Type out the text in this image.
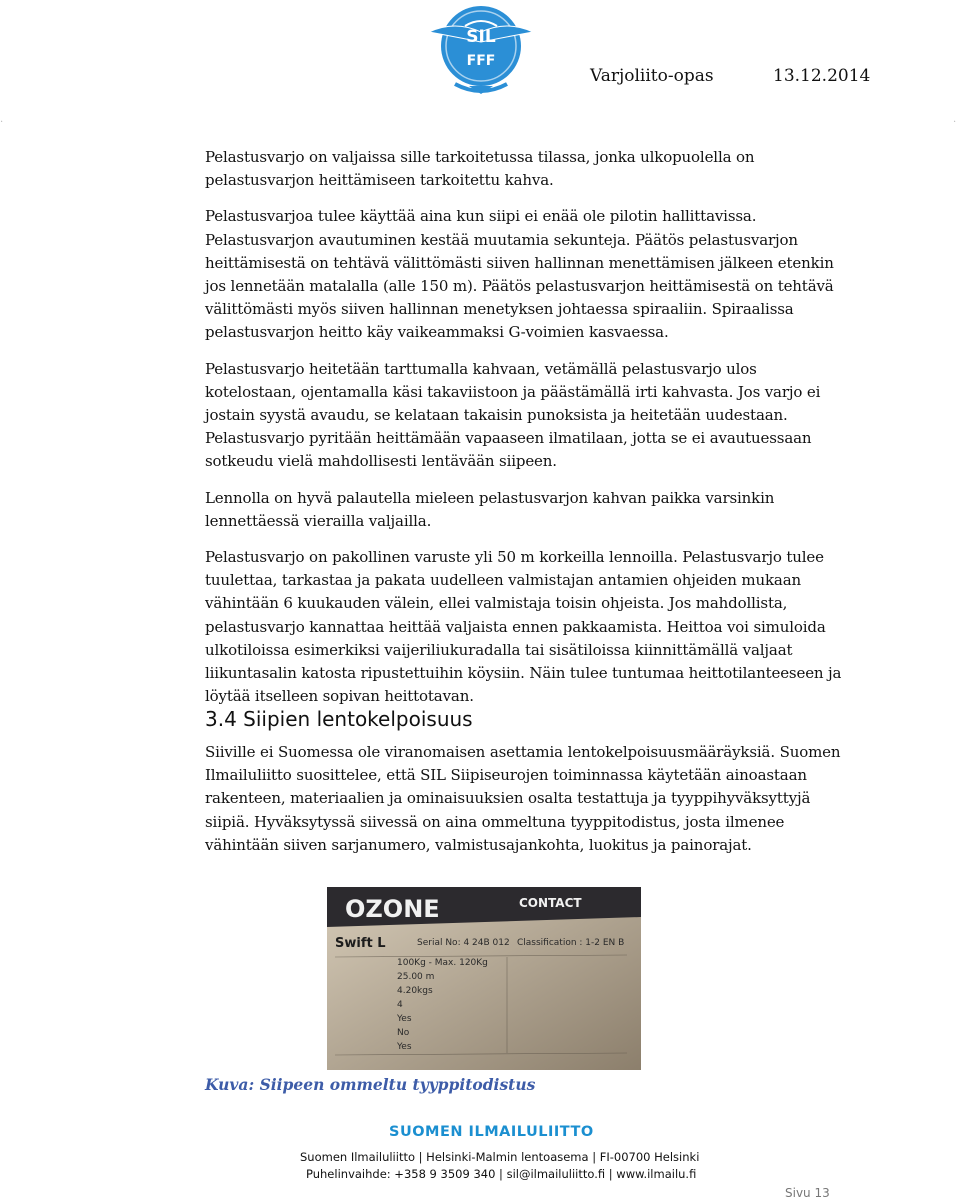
SIL
FFF
Varjoliito-opas	13.12.2014
.	.

Pelastusvarjo on valjaissa sille tarkoitetussa tilassa, jonka ulkopuolella on pelastusvarjon heittämiseen tarkoitettu kahva.

Pelastusvarjoa tulee käyttää aina kun siipi ei enää ole pilotin hallittavissa. Pelastusvarjon avautuminen kestää muutamia sekunteja. Päätös pelastusvarjon heittämisestä on tehtävä välittömästi siiven hallinnan menettämisen jälkeen etenkin jos lennetään matalalla (alle 150 m). Päätös pelastusvarjon heittämisestä on tehtävä välittömästi myös siiven hallinnan menetyksen johtaessa spiraaliin. Spiraalissa pelastusvarjon heitto käy vaikeammaksi G-voimien kasvaessa.

Pelastusvarjo heitetään tarttumalla kahvaan, vetämällä pelastusvarjo ulos kotelostaan, ojentamalla käsi takaviistoon ja päästämällä irti kahvasta. Jos varjo ei jostain syystä avaudu, se kelataan takaisin punoksista ja heitetään uudestaan. Pelastusvarjo pyritään heittämään vapaaseen ilmatilaan, jotta se ei avautuessaan sotkeudu vielä mahdollisesti lentävään siipeen.

Lennolla on hyvä palautella mieleen pelastusvarjon kahvan paikka varsinkin lennettäessä vierailla valjailla.

Pelastusvarjo on pakollinen varuste yli 50 m korkeilla lennoilla. Pelastusvarjo tulee tuulettaa, tarkastaa ja pakata uudelleen valmistajan antamien ohjeiden mukaan vähintään 6 kuukauden välein, ellei valmistaja toisin ohjeista. Jos mahdollista, pelastusvarjo kannattaa heittää valjaista ennen pakkaamista. Heittoa voi simuloida ulkotiloissa esimerkiksi vaijeriliukuradalla tai sisätiloissa kiinnittämällä valjaat liikuntasalin katosta ripustettuihin köysiin. Näin tulee tuntumaa heittotilanteeseen ja löytää itselleen sopivan heittotavan.

3.4 Siipien lentokelpoisuus

Siiville ei Suomessa ole viranomaisen asettamia lentokelpoisuusmääräyksiä. Suomen Ilmailuliitto suosittelee, että SIL Siipiseurojen toiminnassa käytetään ainoastaan rakenteen, materiaalien ja ominaisuuksien osalta testattuja ja tyyppihyväksyttyjä siipiä. Hyväksytyssä siivessä on aina ommeltuna tyyppitodistus, josta ilmenee vähintään siiven sarjanumero, valmistusajankohta, luokitus ja painorajat.

OZONE	CONTACT
Swift L	Serial No: 4 24B 012 Classification : 1-2 EN B
100Kg - Max. 120Kg
25.00 m
4.20kgs
4
Yes
No
Yes
Kuva: Siipeen ommeltu tyyppitodistus
SUOMEN ILMAILULIITTO
Suomen Ilmailuliitto | Helsinki-Malmin lentoasema | FI-00700 Helsinki
Puhelinvaihde: +358 9 3509 340 | sil@ilmailuliitto.fi | www.ilmailu.fi
Sivu 13
